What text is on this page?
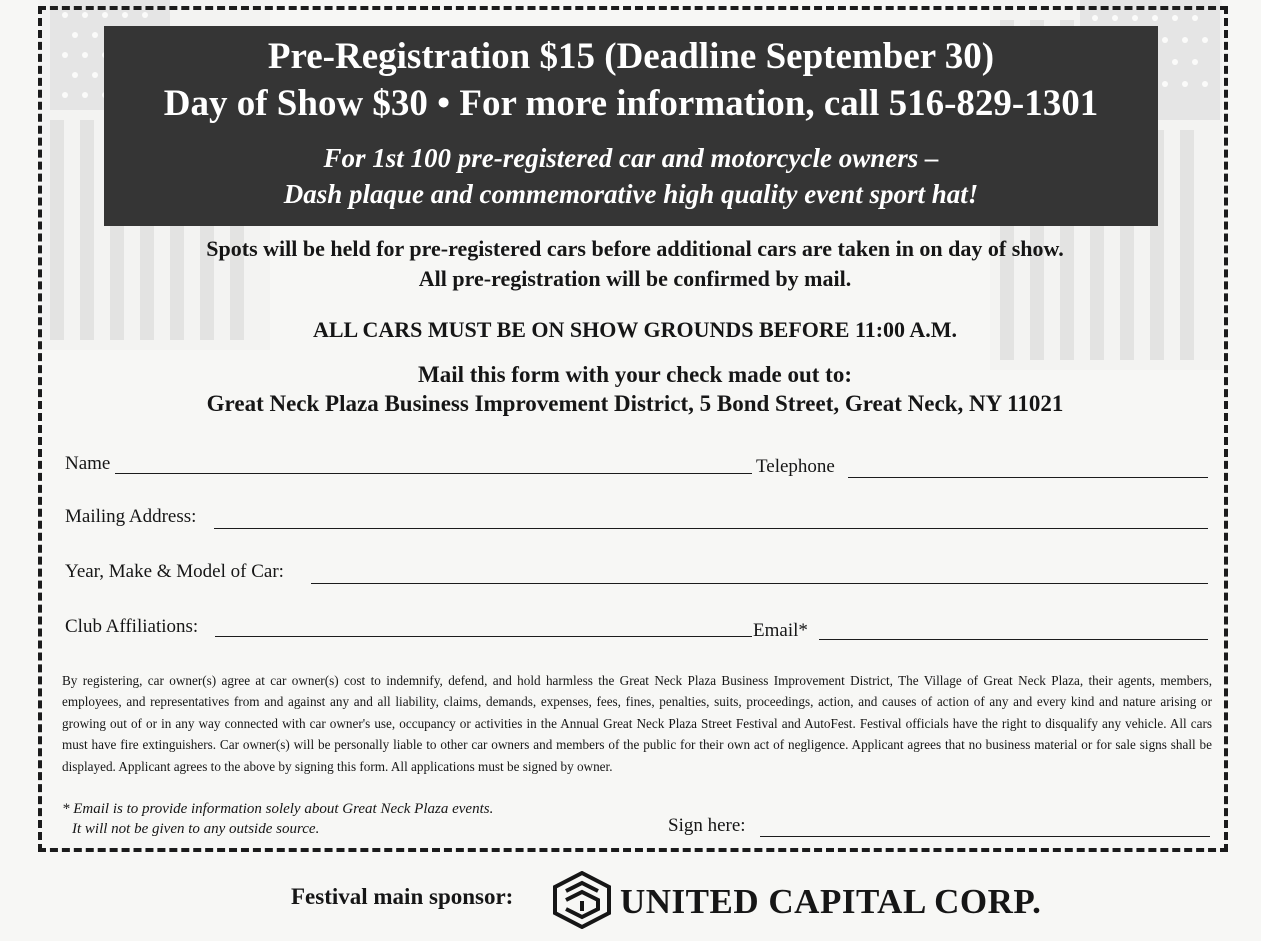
Pre-Registration $15 (Deadline September 30)
Day of Show $30 • For more information, call 516-829-1301
For 1st 100 pre-registered car and motorcycle owners –
Dash plaque and commemorative high quality event sport hat!
Spots will be held for pre-registered cars before additional cars are taken in on day of show.
All pre-registration will be confirmed by mail.
ALL CARS MUST BE ON SHOW GROUNDS BEFORE 11:00 A.M.
Mail this form with your check made out to:
Great Neck Plaza Business Improvement District, 5 Bond Street, Great Neck, NY 11021
Name	Telephone
Mailing Address:
Year, Make & Model of Car:
Club Affiliations:	Email*
By registering, car owner(s) agree at car owner(s) cost to indemnify, defend, and hold harmless the Great Neck Plaza Business Improvement District, The Village of Great Neck Plaza, their agents, members, employees, and representatives from and against any and all liability, claims, demands, expenses, fees, fines, penalties, suits, proceedings, action, and causes of action of any and every kind and nature arising or growing out of or in any way connected with car owner's use, occupancy or activities in the Annual Great Neck Plaza Street Festival and AutoFest. Festival officials have the right to disqualify any vehicle. All cars must have fire extinguishers. Car owner(s) will be personally liable to other car owners and members of the public for their own act of negligence. Applicant agrees that no business material or for sale signs shall be displayed. Applicant agrees to the above by signing this form. All applications must be signed by owner.
* Email is to provide information solely about Great Neck Plaza events.
It will not be given to any outside source.	Sign here:
Festival main sponsor:	UNITED CAPITAL CORP.
